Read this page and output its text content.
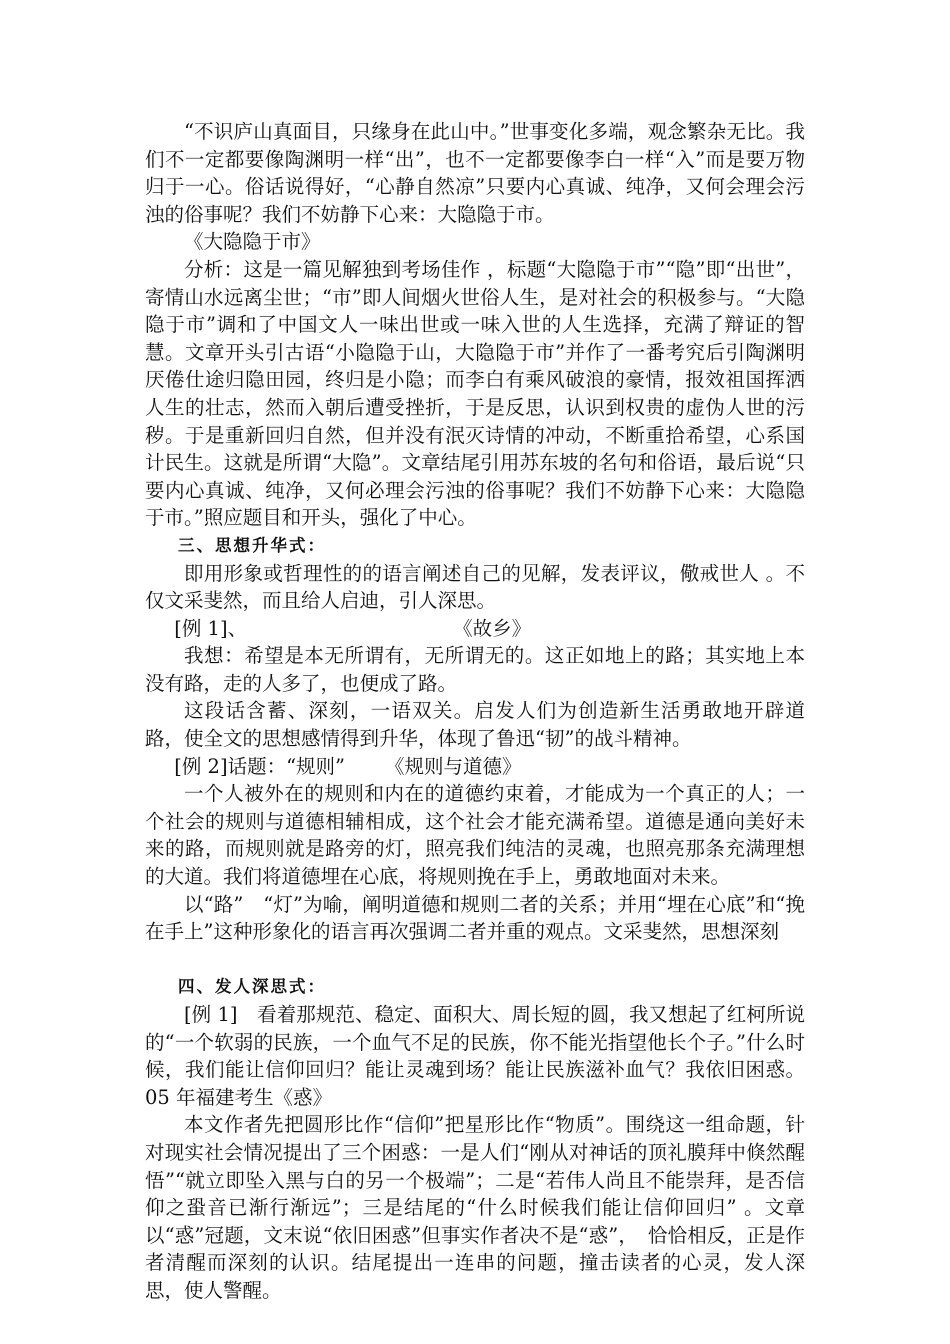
“不识庐山真面目，只缘身在此山中。”世事变化多端，观念繁杂无比。我们不一定都要像陶渊明一样“出”，也不一定都要像李白一样“入”而是要万物归于一心。俗话说得好，“心静自然凉”只要内心真诚、纯净，又何会理会污浊的俗事呢？我们不妨静下心来：大隐隐于市。

《大隐隐于市》

分析：这是一篇见解独到考场佳作 ，标题“大隐隐于市”“隐”即“出世”，寄情山水远离尘世；“市”即人间烟火世俗人生，是对社会的积极参与。“大隐隐于市”调和了中国文人一味出世或一味入世的人生选择，充满了辩证的智慧。文章开头引古语“小隐隐于山，大隐隐于市”并作了一番考究后引陶渊明厌倦仕途归隐田园，终归是小隐；而李白有乘风破浪的豪情，报效祖国挥洒人生的壮志，然而入朝后遭受挫折，于是反思，认识到权贵的虚伪人世的污秽。于是重新回归自然，但并没有泯灭诗情的冲动，不断重拾希望，心系国计民生。这就是所谓“大隐”。文章结尾引用苏东坡的名句和俗语，最后说“只要内心真诚、纯净，又何必理会污浊的俗事呢？我们不妨静下心来：大隐隐于市。”照应题目和开头，强化了中心。

三、思想升华式：

即用形象或哲理性的的语言阐述自己的见解，发表评议，儆戒世人 。不仅文采斐然，而且给人启迪，引人深思。

[例 1]、	《故乡》

我想：希望是本无所谓有，无所谓无的。这正如地上的路；其实地上本没有路，走的人多了，也便成了路。

这段话含蓄、深刻，一语双关。启发人们为创造新生活勇敢地开辟道路，使全文的思想感情得到升华，体现了鲁迅“韧”的战斗精神。

[例 2]话题：“规则” 《规则与道德》

一个人被外在的规则和内在的道德约束着，才能成为一个真正的人；一个社会的规则与道德相辅相成，这个社会才能充满希望。道德是通向美好未来的路，而规则就是路旁的灯，照亮我们纯洁的灵魂，也照亮那条充满理想的大道。我们将道德埋在心底，将规则挽在手上，勇敢地面对未来。

以“路”　“灯”为喻，阐明道德和规则二者的关系；并用“埋在心底”和“挽在手上”这种形象化的语言再次强调二者并重的观点。文采斐然，思想深刻

四、发人深思式：

[例 1]　看着那规范、稳定、面积大、周长短的圆，我又想起了红柯所说的“一个软弱的民族，一个血气不足的民族，你不能光指望他长个子。”什么时候，我们能让信仰回归？能让灵魂到场？能让民族滋补血气？我依旧困惑。05 年福建考生《惑》

本文作者先把圆形比作“信仰”把星形比作“物质”。围绕这一组命题，针对现实社会情况提出了三个困惑：一是人们“刚从对神话的顶礼膜拜中倏然醒悟”“就立即坠入黑与白的另一个极端”；二是“若伟人尚且不能崇拜，是否信仰之蛩音已渐行渐远”；三是结尾的“什么时候我们能让信仰回归” 。文章以“惑”冠题，文末说“依旧困惑”但事实作者决不是“惑”，　恰恰相反，正是作者清醒而深刻的认识。结尾提出一连串的问题，撞击读者的心灵，发人深思，使人警醒。
